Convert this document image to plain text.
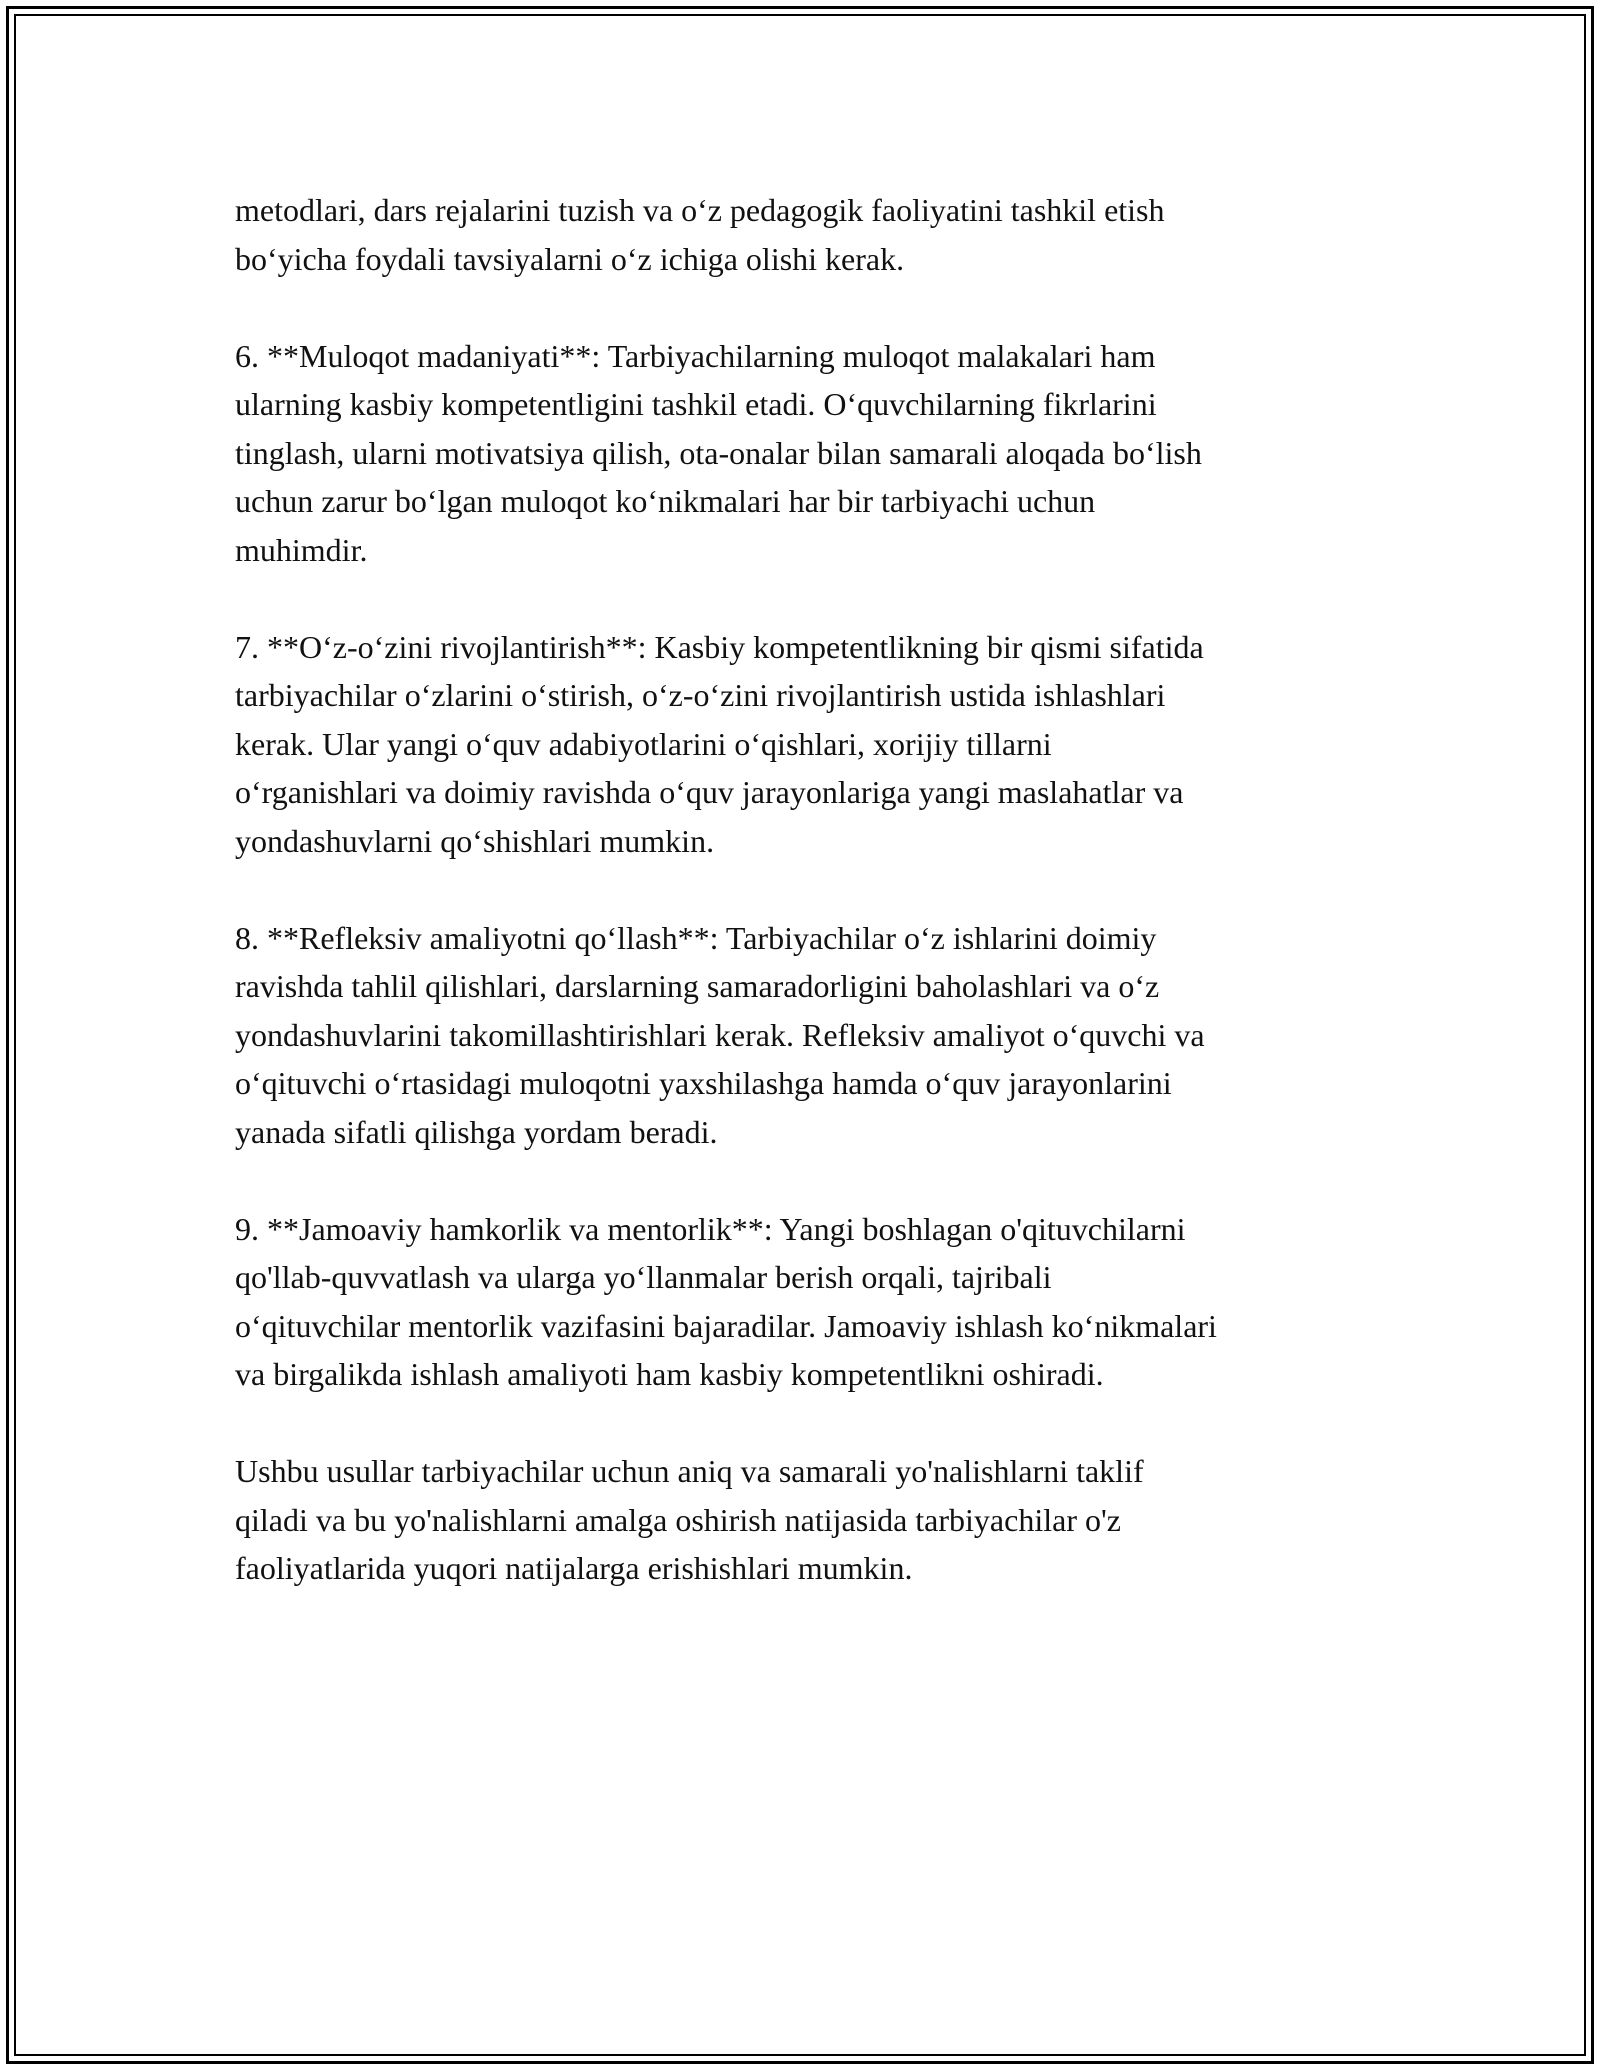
metodlari, dars rejalarini tuzish va o‘z pedagogik faoliyatini tashkil etish
bo‘yicha foydali tavsiyalarni o‘z ichiga olishi kerak.

6. **Muloqot madaniyati**: Tarbiyachilarning muloqot malakalari ham
ularning kasbiy kompetentligini tashkil etadi. O‘quvchilarning fikrlarini
tinglash, ularni motivatsiya qilish, ota-onalar bilan samarali aloqada bo‘lish
uchun zarur bo‘lgan muloqot ko‘nikmalari har bir tarbiyachi uchun
muhimdir.

7. **O‘z-o‘zini rivojlantirish**: Kasbiy kompetentlikning bir qismi sifatida
tarbiyachilar o‘zlarini o‘stirish, o‘z-o‘zini rivojlantirish ustida ishlashlari
kerak. Ular yangi o‘quv adabiyotlarini o‘qishlari, xorijiy tillarni
o‘rganishlari va doimiy ravishda o‘quv jarayonlariga yangi maslahatlar va
yondashuvlarni qo‘shishlari mumkin.

8. **Refleksiv amaliyotni qo‘llash**: Tarbiyachilar o‘z ishlarini doimiy
ravishda tahlil qilishlari, darslarning samaradorligini baholashlari va o‘z
yondashuvlarini takomillashtirishlari kerak. Refleksiv amaliyot o‘quvchi va
o‘qituvchi o‘rtasidagi muloqotni yaxshilashga hamda o‘quv jarayonlarini
yanada sifatli qilishga yordam beradi.

9. **Jamoaviy hamkorlik va mentorlik**: Yangi boshlagan o'qituvchilarni
qo'llab-quvvatlash va ularga yo‘llanmalar berish orqali, tajribali
o‘qituvchilar mentorlik vazifasini bajaradilar. Jamoaviy ishlash ko‘nikmalari
va birgalikda ishlash amaliyoti ham kasbiy kompetentlikni oshiradi.

Ushbu usullar tarbiyachilar uchun aniq va samarali yo'nalishlarni taklif
qiladi va bu yo'nalishlarni amalga oshirish natijasida tarbiyachilar o'z
faoliyatlarida yuqori natijalarga erishishlari mumkin.
